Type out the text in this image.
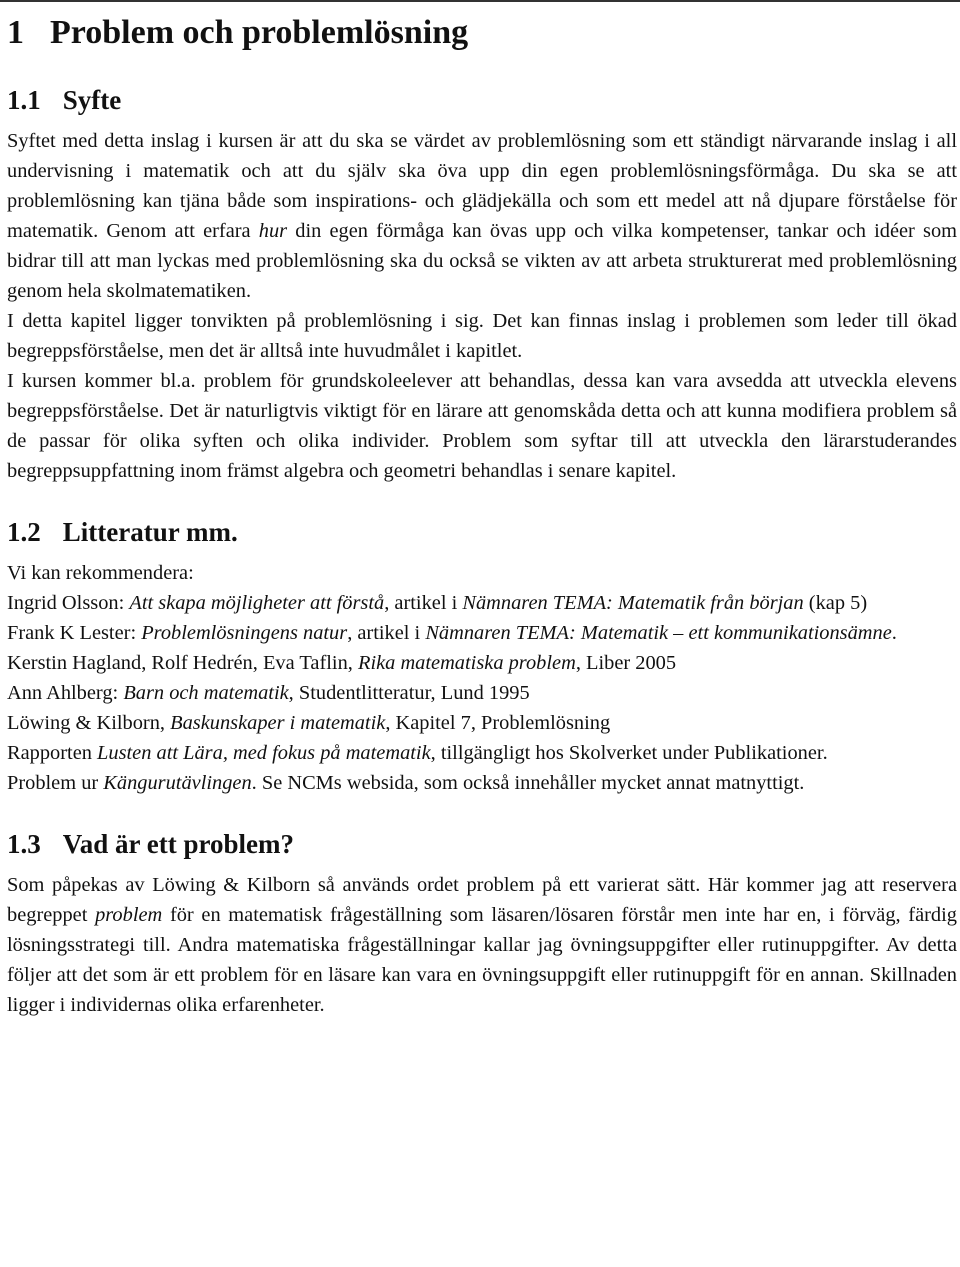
1 Problem och problemlösning
1.1 Syfte

Syftet med detta inslag i kursen är att du ska se värdet av problemlösning som ett ständigt närvarande inslag i all undervisning i matematik och att du själv ska öva upp din egen problemlösningsförmåga. Du ska se att problemlösning kan tjäna både som inspirations- och glädjekälla och som ett medel att nå djupare förståelse för matematik. Genom att erfara hur din egen förmåga kan övas upp och vilka kompetenser, tankar och idéer som bidrar till att man lyckas med problemlösning ska du också se vikten av att arbeta strukturerat med problemlösning genom hela skolmatematiken.

I detta kapitel ligger tonvikten på problemlösning i sig. Det kan finnas inslag i problemen som leder till ökad begreppsförståelse, men det är alltså inte huvudmålet i kapitlet.

I kursen kommer bl.a. problem för grundskoleelever att behandlas, dessa kan vara avsedda att utveckla elevens begreppsförståelse. Det är naturligtvis viktigt för en lärare att genomskåda detta och att kunna modifiera problem så de passar för olika syften och olika individer. Problem som syftar till att utveckla den lärarstuderandes begreppsuppfattning inom främst algebra och geometri behandlas i senare kapitel.

1.2 Litteratur mm.

Vi kan rekommendera:

Ingrid Olsson: Att skapa möjligheter att förstå, artikel i Nämnaren TEMA: Matematik från början (kap 5)
Frank K Lester: Problemlösningens natur, artikel i Nämnaren TEMA: Matematik – ett kommunikationsämne.
Kerstin Hagland, Rolf Hedrén, Eva Taflin, Rika matematiska problem, Liber 2005
Ann Ahlberg: Barn och matematik, Studentlitteratur, Lund 1995
Löwing & Kilborn, Baskunskaper i matematik, Kapitel 7, Problemlösning
Rapporten Lusten att Lära, med fokus på matematik, tillgängligt hos Skolverket under Publikationer.
Problem ur Kängurutävlingen. Se NCMs websida, som också innehåller mycket annat matnyttigt.
1.3 Vad är ett problem?

Som påpekas av Löwing & Kilborn så används ordet problem på ett varierat sätt. Här kommer jag att reservera begreppet problem för en matematisk frågeställning som läsaren/lösaren förstår men inte har en, i förväg, färdig lösningsstrategi till. Andra matematiska frågeställningar kallar jag övningsuppgifter eller rutinuppgifter. Av detta följer att det som är ett problem för en läsare kan vara en övningsuppgift eller rutinuppgift för en annan. Skillnaden ligger i individernas olika erfarenheter.
